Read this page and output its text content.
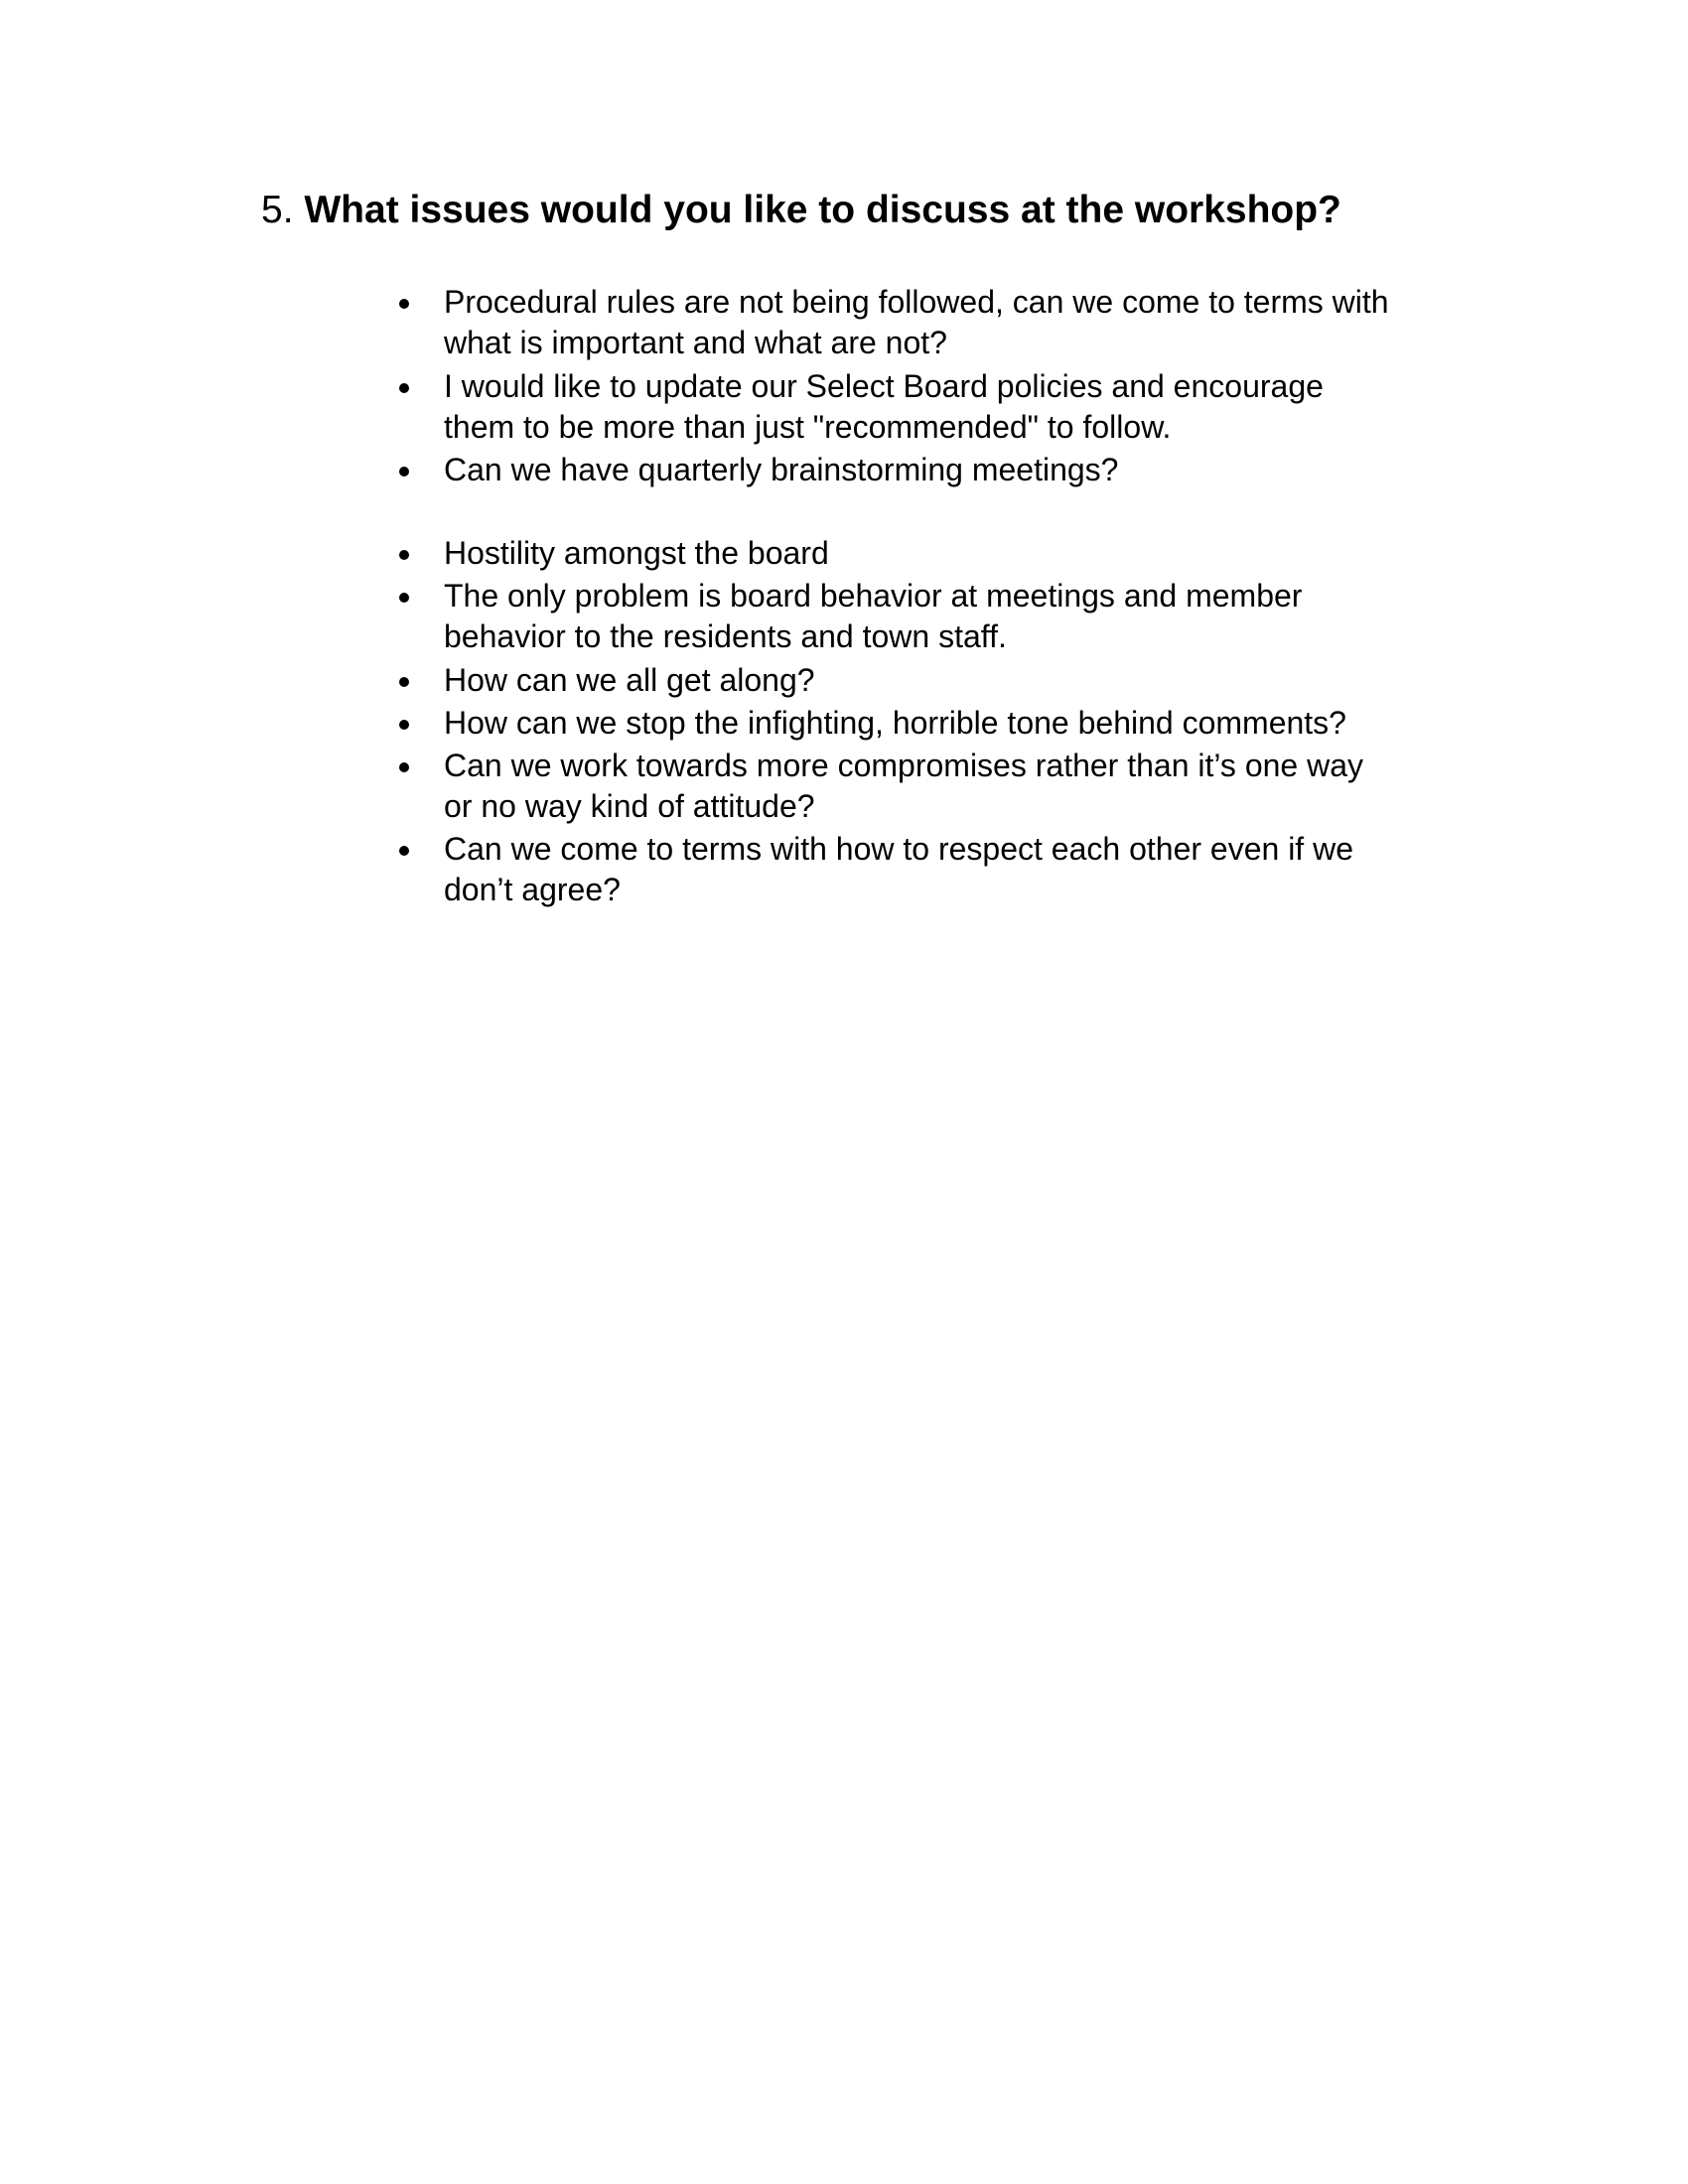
5. What issues would you like to discuss at the workshop?
Procedural rules are not being followed, can we come to terms with
what is important and what are not?
I would like to update our Select Board policies and encourage
them to be more than just "recommended" to follow.
Can we have quarterly brainstorming meetings?
Hostility amongst the board
The only problem is board behavior at meetings and member
behavior to the residents and town staff.
How can we all get along?
How can we stop the infighting, horrible tone behind comments?
Can we work towards more compromises rather than it’s one way
or no way kind of attitude?
Can we come to terms with how to respect each other even if we
don’t agree?
